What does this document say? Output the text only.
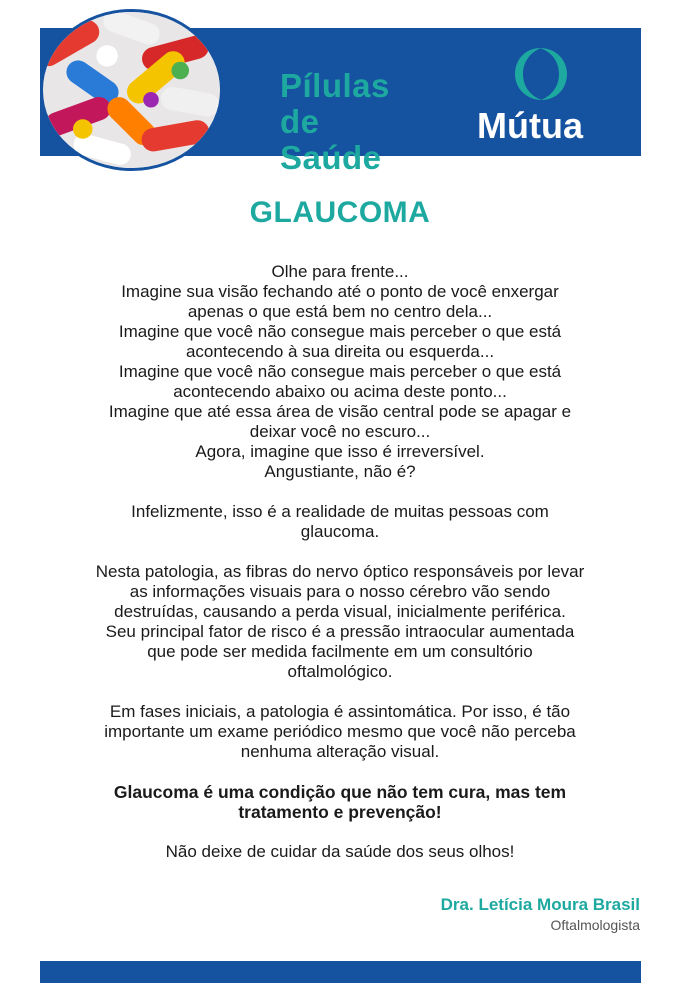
Pílulas
de
Saúde
Mútua
GLAUCOMA

Olhe para frente...

Imagine sua visão fechando até o ponto de você enxergar

apenas o que está bem no centro dela...

Imagine que você não consegue mais perceber o que está

acontecendo à sua direita ou esquerda...

Imagine que você não consegue mais perceber o que está

acontecendo abaixo ou acima deste ponto...

Imagine que até essa área de visão central pode se apagar e

deixar você no escuro...

Agora, imagine que isso é irreversível.

Angustiante, não é?

Infelizmente, isso é a realidade de muitas pessoas com

glaucoma.

Nesta patologia, as fibras do nervo óptico responsáveis por levar

as informações visuais para o nosso cérebro vão sendo

destruídas, causando a perda visual, inicialmente periférica.

Seu principal fator de risco é a pressão intraocular aumentada

que pode ser medida facilmente em um consultório

oftalmológico.

Em fases iniciais, a patologia é assintomática. Por isso, é tão

importante um exame periódico mesmo que você não perceba

nenhuma alteração visual.

Glaucoma é uma condição que não tem cura, mas tem

tratamento e prevenção!

Não deixe de cuidar da saúde dos seus olhos!

Dra. Letícia Moura Brasil
Oftalmologista
